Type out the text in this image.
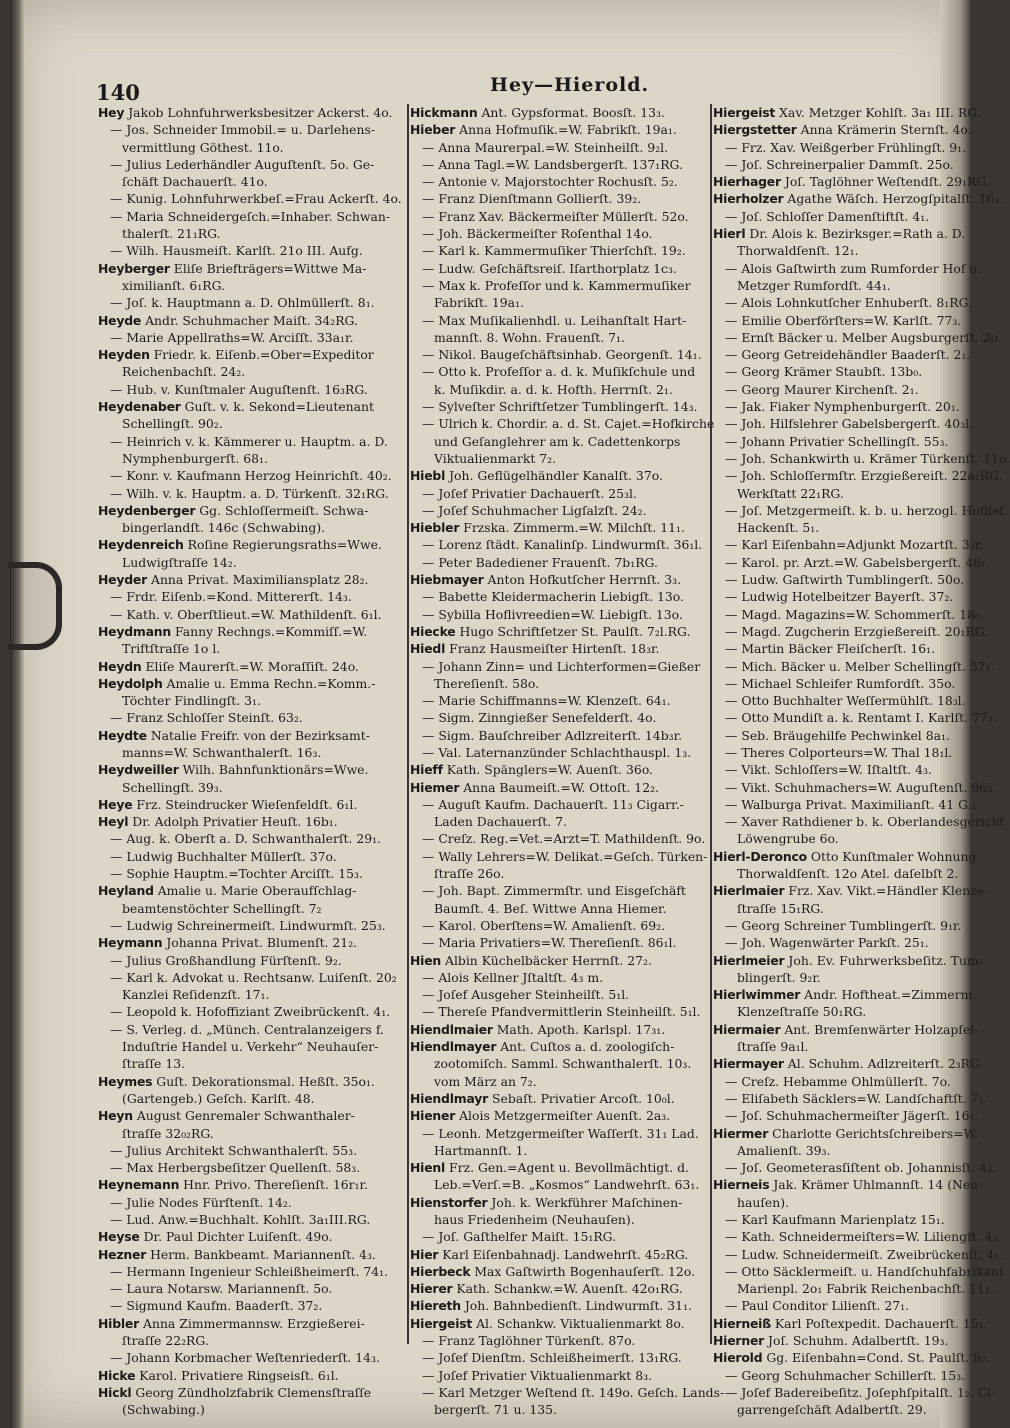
140	Hey—Hierold.
Hey Jakob Lohnfuhrwerksbesitzer Ackerst. 4o.
— Jos. Schneider Immobil.= u. Darlehens-
vermittlung Göthest. 11o.
— Julius Lederhändler Auguſtenſt. 5o. Ge-
ſchäft Dachauerſt. 41o.
— Kunig. Lohnfuhrwerkbeſ.=Frau Ackerſt. 4o.
— Maria Schneidergeſch.=Inhaber. Schwan-
thalerſt. 21₁RG.
— Wilh. Hausmeiſt. Karlſt. 21o III. Aufg.
Heyberger Eliſe Briefträgers=Wittwe Ma-
ximilianſt. 6₁RG.
— Joſ. k. Hauptmann a. D. Ohlmüllerſt. 8₁.
Heyde Andr. Schuhmacher Maiſt. 34₂RG.
— Marie Appellraths=W. Arciſſt. 33a₁r.
Heyden Friedr. k. Eiſenb.=Ober=Expeditor
Reichenbachſt. 24₂.
— Hub. v. Kunſtmaler Auguſtenſt. 16₃RG.
Heydenaber Guſt. v. k. Sekond=Lieutenant
Schellingſt. 90₂.
— Heinrich v. k. Kämmerer u. Hauptm. a. D.
Nymphenburgerſt. 68₁.
— Konr. v. Kaufmann Herzog Heinrichſt. 40₂.
— Wilh. v. k. Hauptm. a. D. Türkenſt. 32₁RG.
Heydenberger Gg. Schloſſermeiſt. Schwa-
bingerlandſt. 146c (Schwabing).
Heydenreich Roſine Regierungsraths=Wwe.
Ludwigſtraſſe 14₂.
Heyder Anna Privat. Maximiliansplatz 28₂.
— Frdr. Eiſenb.=Kond. Mittererſt. 14₃.
— Kath. v. Oberſtlieut.=W. Mathildenſt. 6₁l.
Heydmann Fanny Rechngs.=Kommiſſ.=W.
Triftſtraſſe 1o l.
Heydn Eliſe Maurerſt.=W. Moraſſiſt. 24o.
Heydolph Amalie u. Emma Rechn.=Komm.-
Töchter Findlingſt. 3₁.
— Franz Schloſſer Steinſt. 63₂.
Heydte Natalie Freifr. von der Bezirksamt-
manns=W. Schwanthalerſt. 16₃.
Heydweiller Wilh. Bahnfunktionärs=Wwe.
Schellingſt. 39₃.
Heye Frz. Steindrucker Wieſenfeldſt. 6₁l.
Heyl Dr. Adolph Privatier Heuſt. 16b₁.
— Aug. k. Oberſt a. D. Schwanthalerſt. 29₁.
— Ludwig Buchhalter Müllerſt. 37o.
— Sophie Hauptm.=Tochter Arciſſt. 15₃.
Heyland Amalie u. Marie Oberaufſchlag-
beamtenstöchter Schellingſt. 7₂
— Ludwig Schreinermeiſt. Lindwurmſt. 25₃.
Heymann Johanna Privat. Blumenſt. 21₂.
— Julius Großhandlung Fürſtenſt. 9₂.
— Karl k. Advokat u. Rechtsanw. Luiſenſt. 20₂
Kanzlei Reſidenzſt. 17₁.
— Leopold k. Hofoffiziant Zweibrückenſt. 4₁.
— S. Verleg. d. „Münch. Centralanzeigers f.
Induſtrie Handel u. Verkehr“ Neuhauſer-
ſtraſſe 13.
Heymes Guſt. Dekorationsmal. Heßſt. 35o₁.
(Gartengeb.) Geſch. Karlſt. 48.
Heyn August Genremaler Schwanthaler-
ſtraſſe 32₀₂RG.
— Julius Architekt Schwanthalerſt. 55₃.
— Max Herbergsbeſitzer Quellenſt. 58₃.
Heynemann Hnr. Privo. Thereſienſt. 16r₁r.
— Julie Nodes Fürſtenſt. 14₂.
— Lud. Anw.=Buchhalt. Kohlſt. 3a₁III.RG.
Heyse Dr. Paul Dichter Luiſenſt. 49o.
Hezner Herm. Bankbeamt. Mariannenſt. 4₃.
— Hermann Ingenieur Schleißheimerſt. 74₁.
— Laura Notarsw. Mariannenſt. 5o.
— Sigmund Kaufm. Baaderſt. 37₂.
Hibler Anna Zimmermannsw. Erzgießerei-
ſtraſſe 22₂RG.
— Johann Korbmacher Weſtenriederſt. 14₃.
Hicke Karol. Privatiere Ringseisſt. 6₁l.
Hickl Georg Zündholzfabrik Clemensſtraſſe
(Schwabing.)
Hickmann Ant. Gypsformat. Boosſt. 13₃.
Hieber Anna Hofmuſik.=W. Fabrikſt. 19a₁.
— Anna Maurerpal.=W. Steinheilſt. 9₂l.
— Anna Tagl.=W. Landsbergerſt. 137₁RG.
— Antonie v. Majorstochter Rochusſt. 5₂.
— Franz Dienſtmann Gollierſt. 39₂.
— Franz Xav. Bäckermeiſter Müllerſt. 52o.
— Joh. Bäckermeiſter Roſenthal 14o.
— Karl k. Kammermuſiker Thierſchſt. 19₂.
— Ludw. Geſchäftsreiſ. Iſarthorplatz 1c₃.
— Max k. Profeſſor und k. Kammermuſiker
Fabrikſt. 19a₁.
— Max Muſikalienhdl. u. Leihanſtalt Hart-
mannſt. 8. Wohn. Frauenſt. 7₁.
— Nikol. Baugeſchäftsinhab. Georgenſt. 14₁.
— Otto k. Profeſſor a. d. k. Muſikſchule und
k. Muſikdir. a. d. k. Hofth. Herrnſt. 2₁.
— Sylveſter Schriftſetzer Tumblingerſt. 14₃.
— Ulrich k. Chordir. a. d. St. Cajet.=Hofkirche
und Geſanglehrer am k. Cadettenkorps
Viktualienmarkt 7₂.
Hiebl Joh. Geflügelhändler Kanalſt. 37o.
— Joſef Privatier Dachauerſt. 25₃l.
— Joſef Schuhmacher Ligſalzſt. 24₂.
Hiebler Frzska. Zimmerm.=W. Milchſt. 11₁.
— Lorenz ſtädt. Kanalinſp. Lindwurmſt. 36₁l.
— Peter Badediener Frauenſt. 7b₁RG.
Hiebmayer Anton Hofkutſcher Herrnſt. 3₃.
— Babette Kleidermacherin Liebigſt. 13o.
— Sybilla Hoflivreedien=W. Liebigſt. 13o.
Hiecke Hugo Schriftſetzer St. Paulſt. 7₂l.RG.
Hiedl Franz Hausmeiſter Hirtenſt. 18₃r.
— Johann Zinn= und Lichterformen=Gießer
Thereſienſt. 58o.
— Marie Schiffmanns=W. Klenzeſt. 64₁.
— Sigm. Zinngießer Senefelderſt. 4o.
— Sigm. Bauſchreiber Adlzreiterſt. 14b₃r.
— Val. Laternanzünder Schlachthauspl. 1₃.
Hieff Kath. Spänglers=W. Auenſt. 36o.
Hiemer Anna Baumeiſt.=W. Ottoſt. 12₂.
— Auguſt Kaufm. Dachauerſt. 11₃ Cigarr.-
Laden Dachauerſt. 7.
— Creſz. Reg.=Vet.=Arzt=T. Mathildenſt. 9o.
— Wally Lehrers=W. Delikat.=Geſch. Türken-
ſtraſſe 26o.
— Joh. Bapt. Zimmermſtr. und Eisgeſchäft
Baumſt. 4. Beſ. Wittwe Anna Hiemer.
— Karol. Oberſtens=W. Amalienſt. 69₂.
— Maria Privatiers=W. Thereſienſt. 86₁l.
Hien Albin Küchelbäcker Herrnſt. 27₂.
— Alois Kellner Jſtaltſt. 4₃ m.
— Joſef Ausgeher Steinheilſt. 5₁l.
— Thereſe Pfandvermittlerin Steinheilſt. 5₁l.
Hiendlmaier Math. Apoth. Karlspl. 17₃₁.
Hiendlmayer Ant. Cuſtos a. d. zoologiſch-
zootomiſch. Samml. Schwanthalerſt. 10₃.
vom März an 7₂.
Hiendlmayr Sebaſt. Privatier Arcoſt. 10₀l.
Hiener Alois Metzgermeiſter Auenſt. 2a₃.
— Leonh. Metzgermeiſter Waſſerſt. 31₁ Lad.
Hartmannſt. 1.
Hienl Frz. Gen.=Agent u. Bevollmächtigt. d.
Leb.=Verſ.=B. „Kosmos“ Landwehrſt. 63₁.
Hienstorfer Joh. k. Werkführer Maſchinen-
haus Friedenheim (Neuhauſen).
— Joſ. Gaſthelfer Maiſt. 15₁RG.
Hier Karl Eiſenbahnadj. Landwehrſt. 45₂RG.
Hierbeck Max Gaſtwirth Bogenhauſerſt. 12o.
Hierer Kath. Schankw.=W. Auenſt. 42o₁RG.
Hiereth Joh. Bahnbedienſt. Lindwurmſt. 31₁.
Hiergeist Al. Schankw. Viktualienmarkt 8o.
— Franz Taglöhner Türkenſt. 87o.
— Joſef Dienſtm. Schleißheimerſt. 13₁RG.
— Joſef Privatier Viktualienmarkt 8₃.
— Karl Metzger Weſtend ſt. 149o. Geſch. Lands-
bergerſt. 71 u. 135.
Hiergeist Xav. Metzger Kohlſt. 3a₁ III. RG.
Hiergstetter Anna Krämerin Sternſt. 4o.
— Frz. Xav. Weißgerber Frühlingſt. 9₁.
— Joſ. Schreinerpalier Dammſt. 25o.
Hierhager Joſ. Taglöhner Weſtendſt. 29₁RG.
Hierholzer Agathe Wäſch. Herzogſpitalſt. 16₁.
— Joſ. Schloſſer Damenſtiftſt. 4₁.
Hierl Dr. Alois k. Bezirksger.=Rath a. D.
Thorwaldſenſt. 12₁.
— Alois Gaſtwirth zum Rumforder Hof u.
Metzger Rumfordſt. 44₁.
— Alois Lohnkutſcher Enhuberſt. 8₁RG.
— Emilie Oberförſters=W. Karlſt. 77₃.
— Ernſt Bäcker u. Melber Augsburgerſt. 2o.
— Georg Getreidehändler Baaderſt. 2₁.
— Georg Krämer Staubſt. 13b₀.
— Georg Maurer Kirchenſt. 2₁.
— Jak. Fiaker Nymphenburgerſt. 20₁.
— Joh. Hilfslehrer Gabelsbergerſt. 40₃l.
— Johann Privatier Schellingſt. 55₃.
— Joh. Schankwirth u. Krämer Türkenſt. 11o.
— Joh. Schloſſermſtr. Erzgießereiſt. 22a₁RG.
Werkſtatt 22₁RG.
— Joſ. Metzgermeiſt. k. b. u. herzogl. Hoflief.
Hackenſt. 5₁.
— Karl Eiſenbahn=Adjunkt Mozartſt. 3₃r.
— Karol. pr. Arzt.=W. Gabelsbergerſt. 46₁.
— Ludw. Gaſtwirth Tumblingerſt. 50o.
— Ludwig Hotelbeitzer Bayerſt. 37₂.
— Magd. Magazins=W. Schommerſt. 18₀.
— Magd. Zugcherin Erzgießereiſt. 20₁RG.
— Martin Bäcker Fleiſcherſt. 16₁.
— Mich. Bäcker u. Melber Schellingſt. 57₁.
— Michael Schleifer Rumfordſt. 35o.
— Otto Buchhalter Weſſermühlſt. 18₃l.
— Otto Mundiſt a. k. Rentamt I. Karlſt. 77₃.
— Seb. Bräugehilfe Pechwinkel 8a₁.
— Theres Colporteurs=W. Thal 18₁l.
— Vikt. Schloſſers=W. Iſtaltſt. 4₃.
— Vikt. Schuhmachers=W. Auguſtenſt. 96₃.
— Walburga Privat. Maximilianſt. 41 G.₁
— Xaver Rathdiener b. k. Oberlandesgericht
Löwengrube 6o.
Hierl-Deronco Otto Kunſtmaler Wohnung
Thorwaldſenſt. 12o Atel. daſelbſt 2.
Hierlmaier Frz. Xav. Vikt.=Händler Klenze-
ſtraſſe 15₁RG.
— Georg Schreiner Tumblingerſt. 9₁r.
— Joh. Wagenwärter Parkſt. 25₁.
Hierlmeier Joh. Ev. Fuhrwerksbeſitz. Tum-
blingerſt. 9₂r.
Hierlwimmer Andr. Hoftheat.=Zimmerm.
Klenzeſtraſſe 50₁RG.
Hiermaier Ant. Bremſenwärter Holzapfel-
ſtraſſe 9a₁l.
Hiermayer Al. Schuhm. Adlzreiterſt. 2₃RG.
— Creſz. Hebamme Ohlmüllerſt. 7o.
— Eliſabeth Säcklers=W. Landſchaftſt. 7₁.
— Joſ. Schuhmachermeiſter Jägerſt. 16₁.
Hiermer Charlotte Gerichtsſchreibers=W.
Amalienſt. 39₃.
— Joſ. Geometerasſiſtent ob. Johannisſt. 4₃.
Hierneis Jak. Krämer Uhlmannſt. 14 (Neu-
hauſen).
— Karl Kaufmann Marienplatz 15₁.
— Kath. Schneidermeiſters=W. Liliengſt. 4₂.
— Ludw. Schneidermeiſt. Zweibrückenſt. 4₁.
— Otto Säcklermeiſt. u. Handſchuhfabrikant
Marienpl. 2o₁ Fabrik Reichenbachſt. 11₁.
— Paul Conditor Lilienſt. 27₁.
Hierneiß Karl Poſtexpedit. Dachauerſt. 15₁.
Hierner Joſ. Schuhm. Adalbertſt. 19₃.
Hierold Gg. Eiſenbahn=Cond. St. Paulſt. 8₂.
— Georg Schuhmacher Schillerſt. 15₃.
— Joſef Badereibeſitz. Joſephſpitalſt. 1₂. Ci-
garrengeſchäft Adalbertſt. 29.
